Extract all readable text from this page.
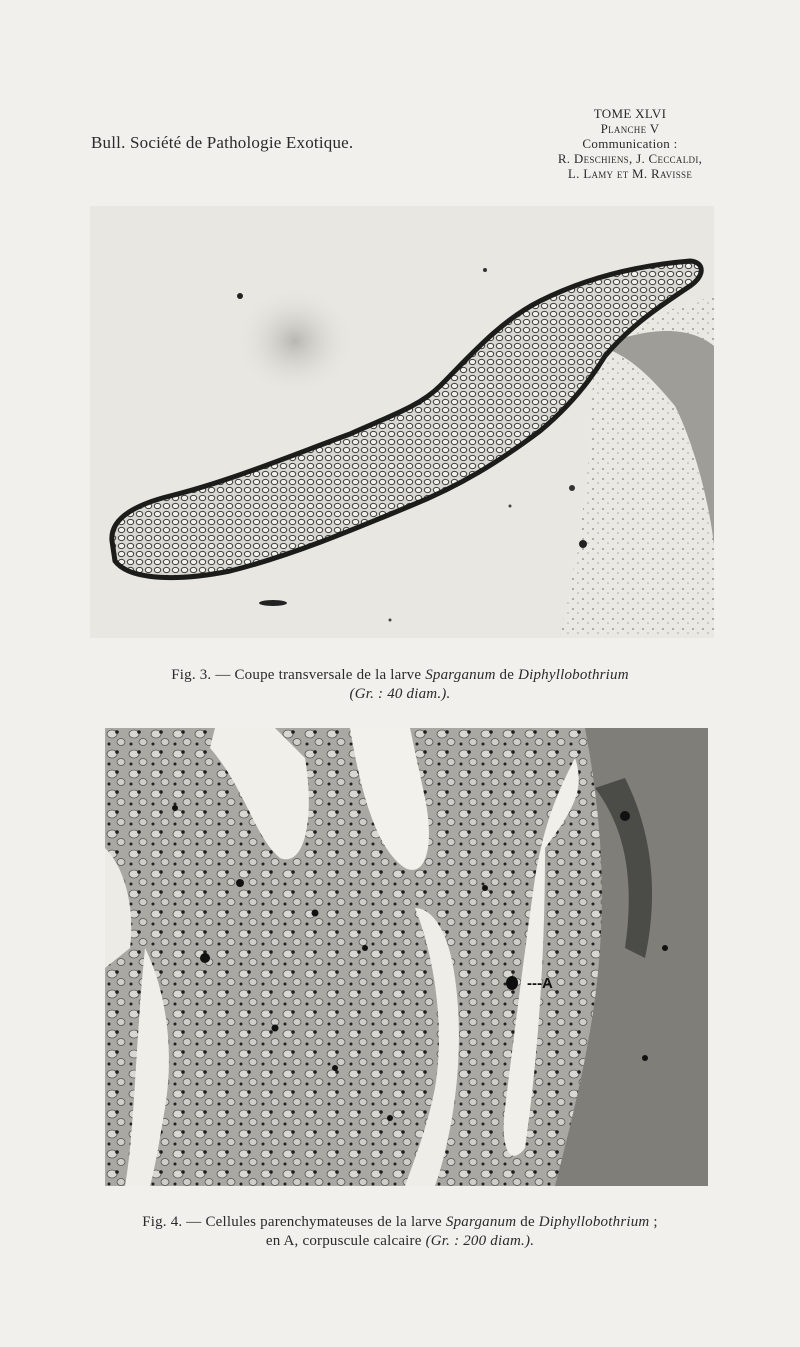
Bull. Société de Pathologie Exotique.
TOME XLVI
Planche V
Communication :
R. Deschiens, J. Ceccaldi,
L. Lamy et M. Ravisse
Fig. 3. — Coupe transversale de la larve Sparganum de Diphyllobothrium
(Gr. : 40 diam.).
---A
Fig. 4. — Cellules parenchymateuses de la larve Sparganum de Diphyllobothrium ;
en A, corpuscule calcaire (Gr. : 200 diam.).
